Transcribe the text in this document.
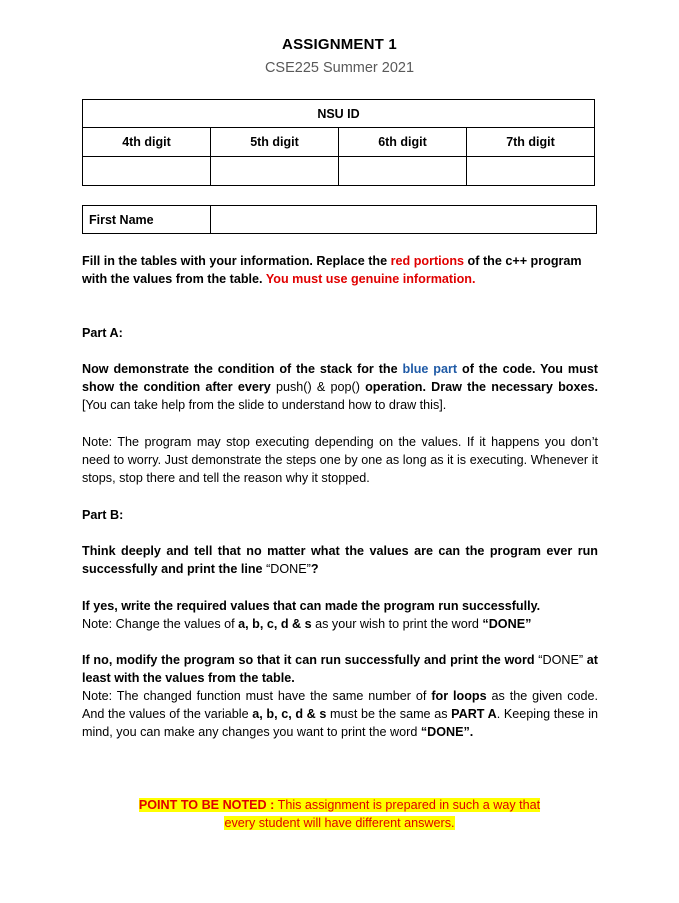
ASSIGNMENT 1
CSE225 Summer 2021
NSU ID			
4th digit	5th digit	6th digit	7th digit

First Name	

Fill in the tables with your information. Replace the red portions of the c++ program with the values from the table. You must use genuine information.

Part A:

Now demonstrate the condition of the stack for the blue part of the code. You must show the condition after every push() & pop() operation. Draw the necessary boxes. [You can take help from the slide to understand how to draw this].

Note: The program may stop executing depending on the values. If it happens you don’t need to worry. Just demonstrate the steps one by one as long as it is executing. Whenever it stops, stop there and tell the reason why it stopped.

Part B:

Think deeply and tell that no matter what the values are can the program ever run successfully and print the line “DONE”?

If yes, write the required values that can made the program run successfully.
Note: Change the values of a, b, c, d & s as your wish to print the word “DONE”

If no, modify the program so that it can run successfully and print the word “DONE” at least with the values from the table.
Note: The changed function must have the same number of for loops as the given code. And the values of the variable a, b, c, d & s must be the same as PART A. Keeping these in mind, you can make any changes you want to print the word “DONE”.

POINT TO BE NOTED : This assignment is prepared in such a way that
every student will have different answers.
